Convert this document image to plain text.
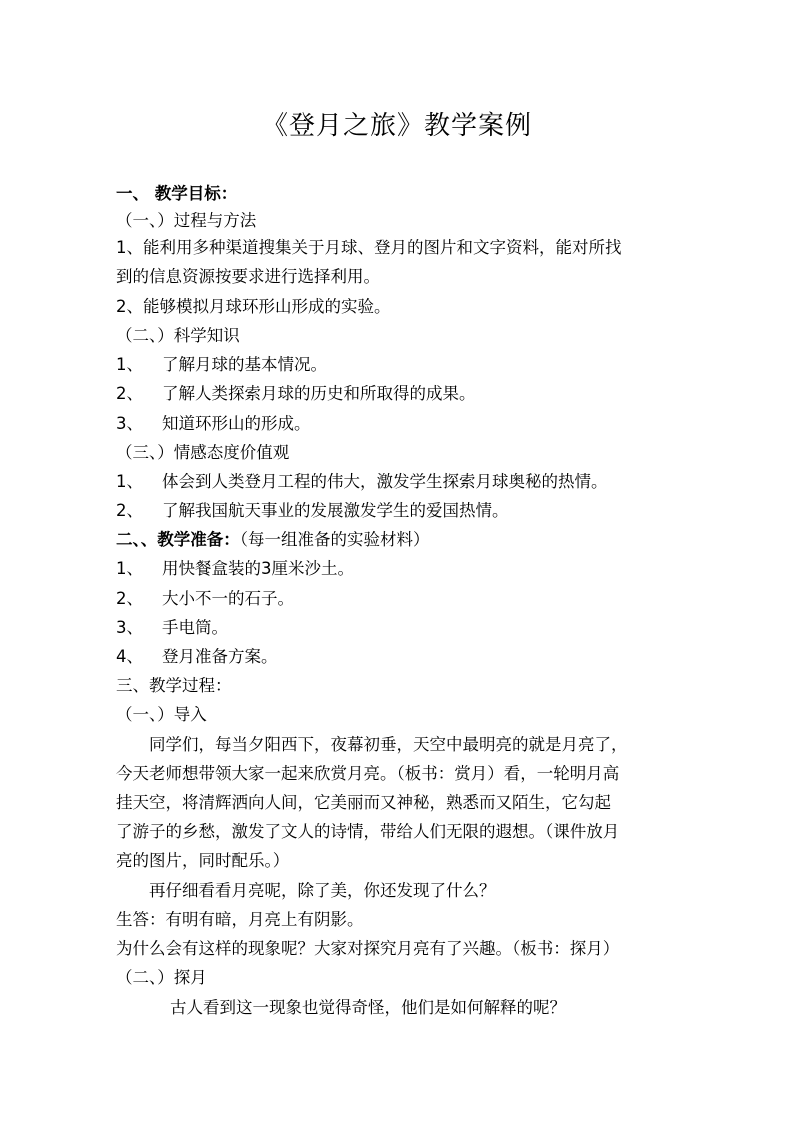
《登月之旅》教学案例
一、 教学目标：
（一、）过程与方法
1、能利用多种渠道搜集关于月球、登月的图片和文字资料，能对所找
到的信息资源按要求进行选择利用。
2、能够模拟月球环形山形成的实验。
（二、）科学知识
1、 了解月球的基本情况。
2、 了解人类探索月球的历史和所取得的成果。
3、 知道环形山的形成。
（三、）情感态度价值观
1、 体会到人类登月工程的伟大，激发学生探索月球奥秘的热情。
2、 了解我国航天事业的发展激发学生的爱国热情。
二、、教学准备：（每一组准备的实验材料）
1、 用快餐盒装的3厘米沙土。
2、 大小不一的石子。
3、 手电筒。
4、 登月准备方案。
三、教学过程：
（一、）导入
同学们，每当夕阳西下，夜幕初垂，天空中最明亮的就是月亮了，
今天老师想带领大家一起来欣赏月亮。（板书：赏月）看，一轮明月高
挂天空，将清辉洒向人间，它美丽而又神秘，熟悉而又陌生，它勾起
了游子的乡愁，激发了文人的诗情，带给人们无限的遐想。（课件放月
亮的图片，同时配乐。）
再仔细看看月亮呢，除了美，你还发现了什么？
生答：有明有暗，月亮上有阴影。
为什么会有这样的现象呢？大家对探究月亮有了兴趣。（板书：探月）
（二、）探月
古人看到这一现象也觉得奇怪，他们是如何解释的呢？
